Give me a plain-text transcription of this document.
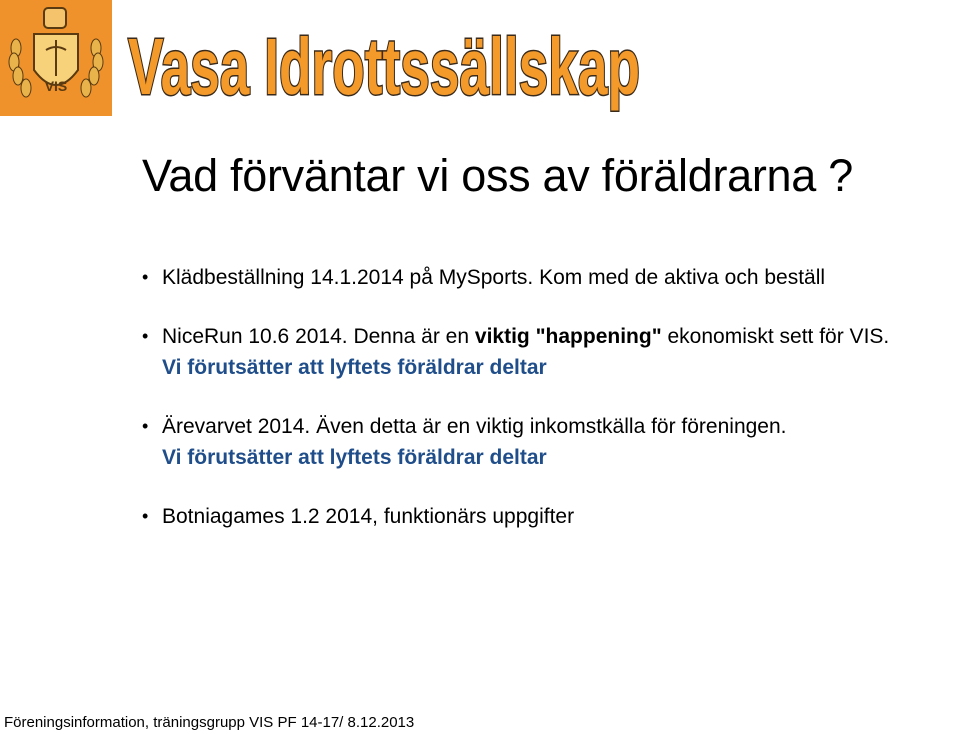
VIS Vasa Idrottssällskap
Vad förväntar vi oss av föräldrarna ?
• Klädbeställning 14.1.2014 på MySports. Kom med de aktiva och beställ
• NiceRun 10.6 2014. Denna är en viktig "happening" ekonomiskt sett för VIS.
Vi förutsätter att lyftets föräldrar deltar
• Ärevarvet 2014. Även detta är en viktig inkomstkälla för föreningen.
Vi förutsätter att lyftets föräldrar deltar
• Botniagames 1.2 2014, funktionärs uppgifter
Föreningsinformation, träningsgrupp VIS PF 14-17/ 8.12.2013
